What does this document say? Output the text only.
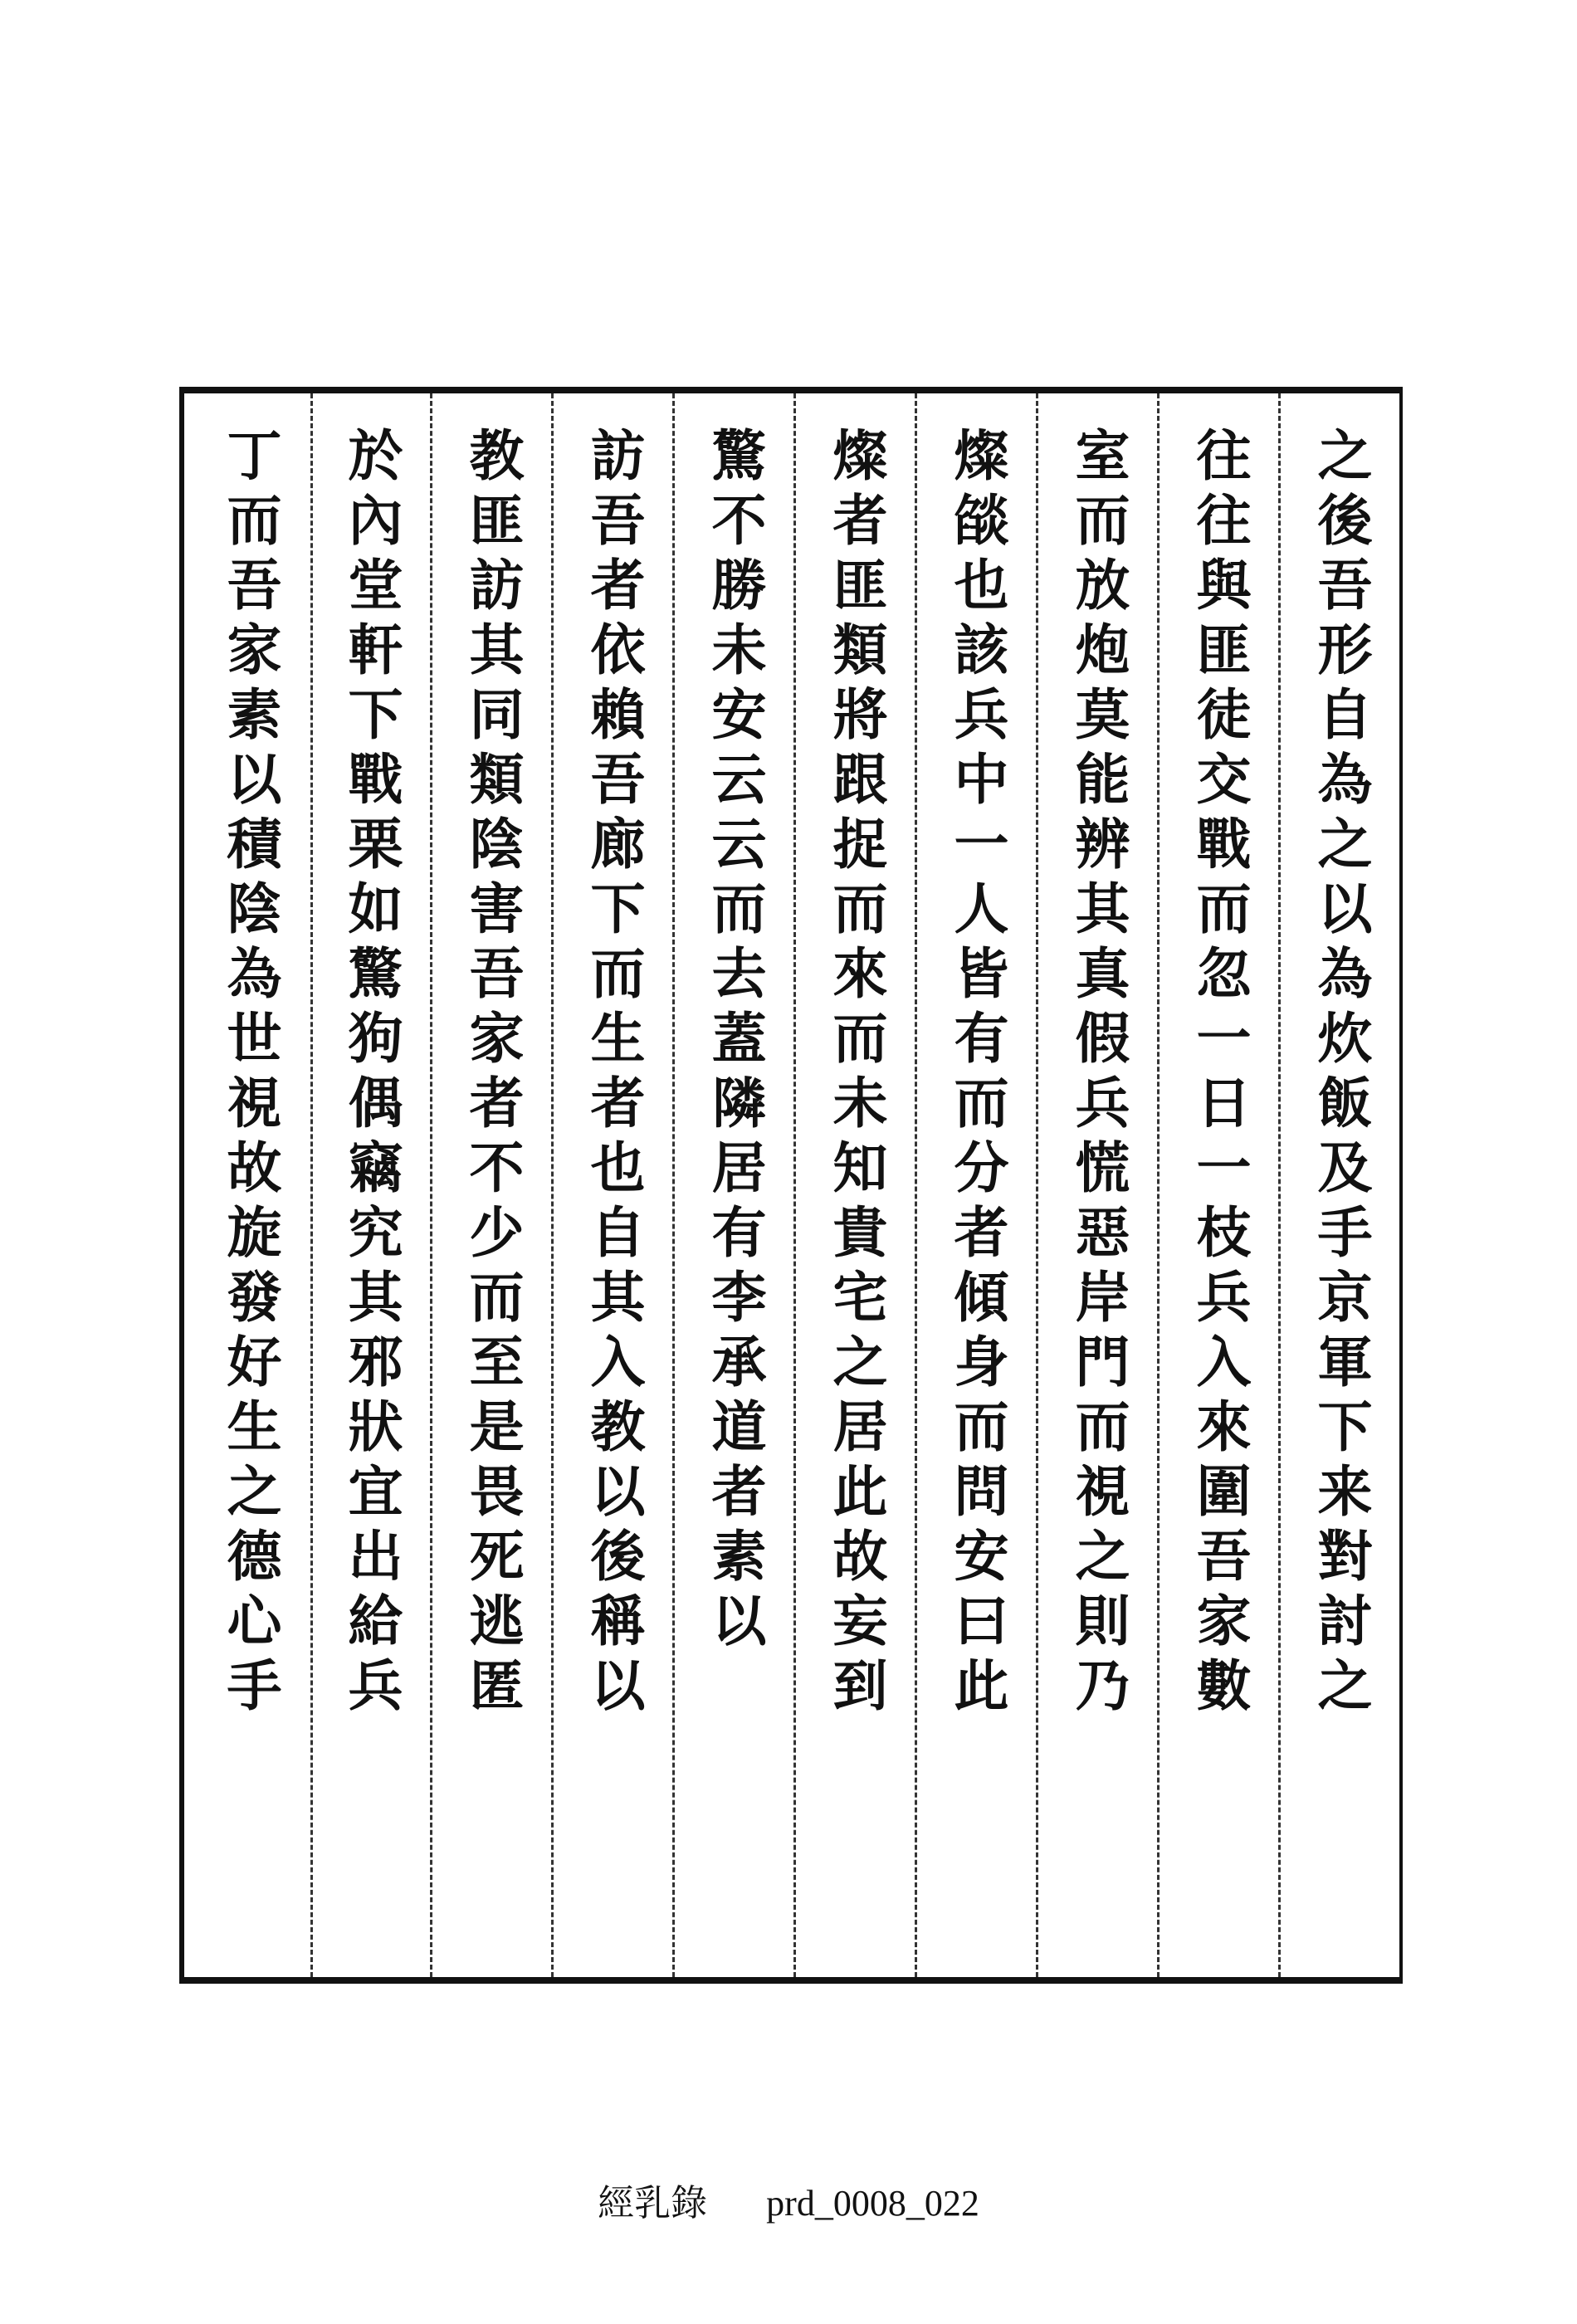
之後吾形自為之以為炊飯及手京軍下来對討之
往往與匪徒交戰而忽一日一枝兵入來圍吾家數
室而放炮莫能辨其真假兵慌惡岸門而視之則乃
燦燄也該兵中一人皆有而分者傾身而問安曰此
燦者匪類將跟捉而來而未知貴宅之居此故妄到
驚不勝未安云云而去蓋隣居有李承道者素以
訪吾者依賴吾廊下而生者也自其入教以後稱以
教匪訪其同類陰害吾家者不少而至是畏死逃匿
於內堂軒下戰栗如驚狗偶竊究其邪狀宜出給兵
丁而吾家素以積陰為世視故旋發好生之德心手
經乳錄 prd_0008_022
